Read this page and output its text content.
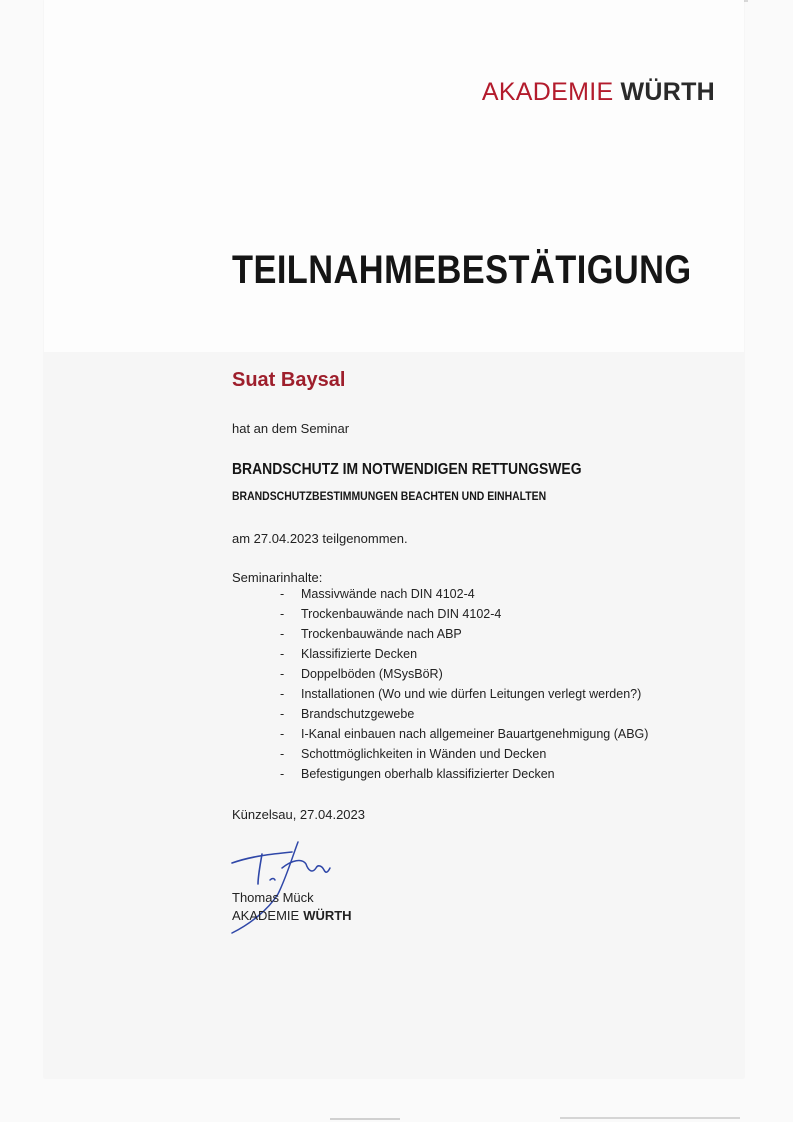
AKADEMIE WÜRTH
TEILNAHMEBESTÄTIGUNG
Suat Baysal
hat an dem Seminar
BRANDSCHUTZ IM NOTWENDIGEN RETTUNGSWEG
BRANDSCHUTZBESTIMMUNGEN BEACHTEN UND EINHALTEN
am 27.04.2023 teilgenommen.
Seminarinhalte:
-	Massivwände nach DIN 4102-4
-	Trockenbauwände nach DIN 4102-4
-	Trockenbauwände nach ABP
-	Klassifizierte Decken
-	Doppelböden (MSysBöR)
-	Installationen (Wo und wie dürfen Leitungen verlegt werden?)
-	Brandschutzgewebe
-	I-Kanal einbauen nach allgemeiner Bauartgenehmigung (ABG)
-	Schottmöglichkeiten in Wänden und Decken
-	Befestigungen oberhalb klassifizierter Decken
Künzelsau, 27.04.2023
Thomas Mück
AKADEMIE WÜRTH
